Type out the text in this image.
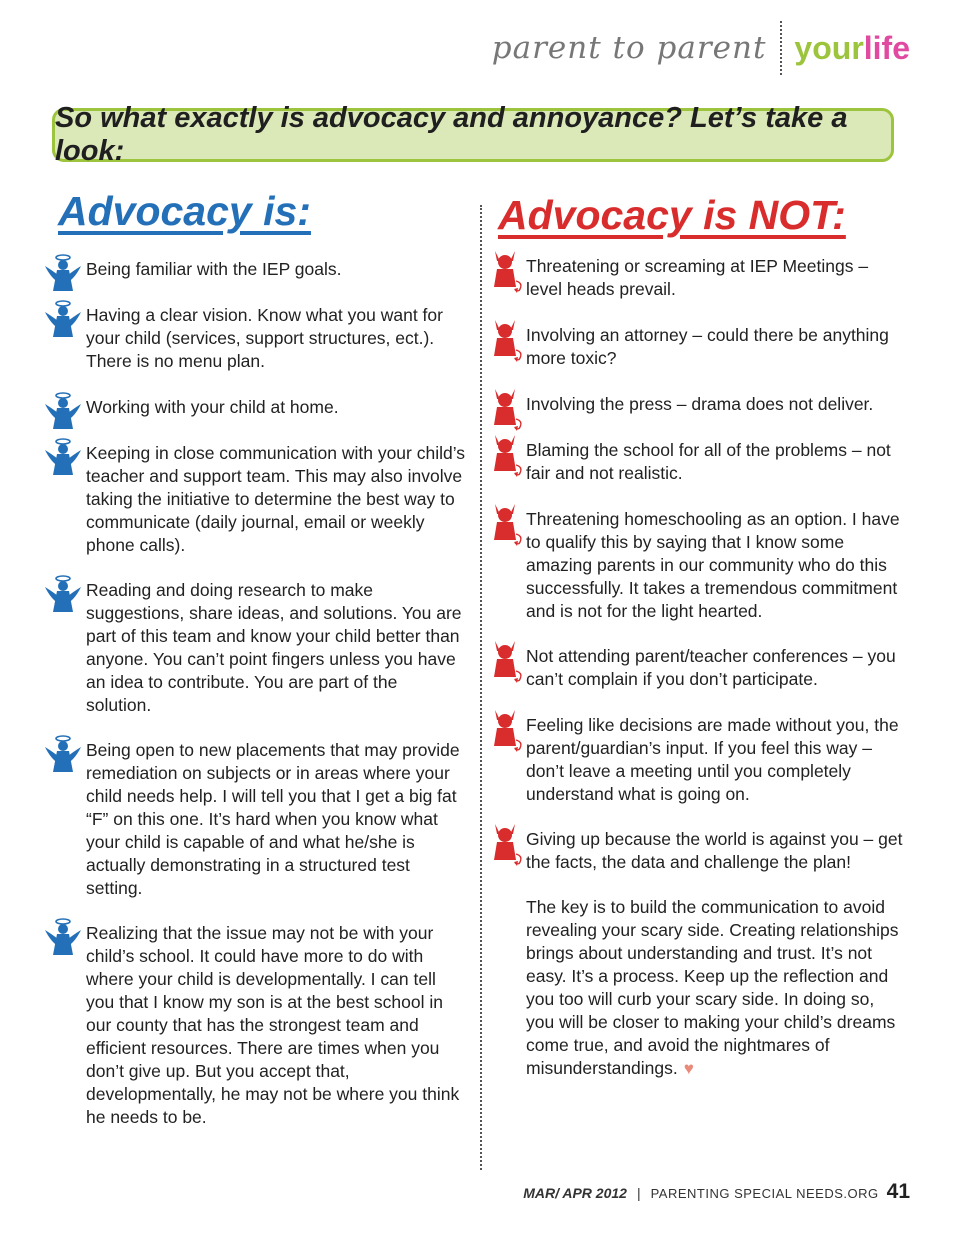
parent to parent yourlife
So what exactly is advocacy and annoyance? Let’s take a look:
Advocacy is:	Advocacy is NOT:
Being familiar with the IEP goals.
Having a clear vision. Know what you want for your child (services, support structures, ect.). There is no menu plan.
Working with your child at home.
Keeping in close communication with your child’s teacher and support team. This may also involve taking the initiative to determine the best way to communicate (daily journal, email or weekly phone calls).
Reading and doing research to make suggestions, share ideas, and solutions. You are part of this team and know your child better than anyone. You can’t point fingers unless you have an idea to contribute. You are part of the solution.
Being open to new placements that may provide remediation on subjects or in areas where your child needs help. I will tell you that I get a big fat “F” on this one. It’s hard when you know what your child is capable of and what he/she is actually demonstrating in a structured test setting.
Realizing that the issue may not be with your child’s school. It could have more to do with where your child is developmentally. I can tell you that I know my son is at the best school in our county that has the strongest team and efficient resources. There are times when you don’t give up. But you accept that, developmentally, he may not be where you think he needs to be.
Threatening or screaming at IEP Meetings – level heads prevail.
Involving an attorney – could there be anything more toxic?
Involving the press – drama does not deliver.
Blaming the school for all of the problems – not fair and not realistic.
Threatening homeschooling as an option. I have to qualify this by saying that I know some amazing parents in our community who do this successfully. It takes a tremendous commitment and is not for the light hearted.
Not attending parent/teacher conferences – you can’t complain if you don’t participate.
Feeling like decisions are made without you, the parent/guardian’s input. If you feel this way – don’t leave a meeting until you completely understand what is going on.
Giving up because the world is against you – get the facts, the data and challenge the plan!
The key is to build the communication to avoid revealing your scary side. Creating relationships brings about understanding and trust. It’s not easy. It’s a process. Keep up the reflection and you too will curb your scary side. In doing so, you will be closer to making your child’s dreams come true, and avoid the nightmares of misunderstandings. ♥
MAR/ APR 2012 | PARENTING SPECIAL NEEDS.ORG 41
